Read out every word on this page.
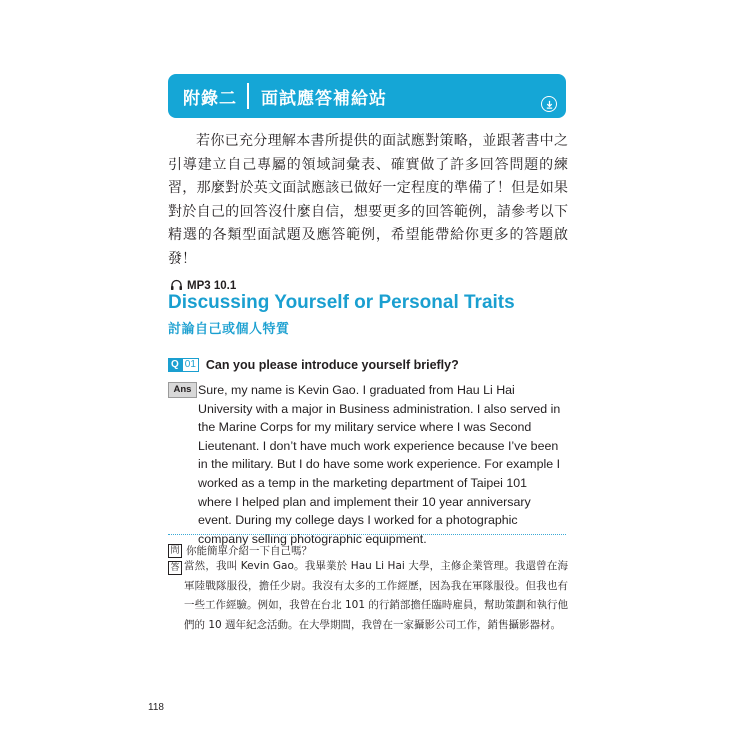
附錄二 面試應答補給站
若你已充分理解本書所提供的面試應對策略，並跟著書中之引導建立自己專屬的領域詞彙表、確實做了許多回答問題的練習，那麼對於英文面試應該已做好一定程度的準備了！但是如果對於自己的回答沒什麼自信，想要更多的回答範例，請參考以下精選的各類型面試題及應答範例，希望能帶給你更多的答題啟發！
MP3 10.1
Discussing Yourself or Personal Traits
討論自己或個人特質
Q 01 Can you please introduce yourself briefly?
Ans Sure, my name is Kevin Gao. I graduated from Hau Li Hai University with a major in Business administration. I also served in the Marine Corps for my military service where I was Second Lieutenant. I don’t have much work experience because I’ve been in the military. But I do have some work experience. For example I worked as a temp in the marketing department of Taipei 101 where I helped plan and implement their 10 year anniversary event. During my college days I worked for a photographic company selling photographic equipment.
問 你能簡單介紹一下自己嗎？
答 當然，我叫 Kevin Gao。我畢業於 Hau Li Hai 大學，主修企業管理。我還曾在海軍陸戰隊服役，擔任少尉。我沒有太多的工作經歷，因為我在軍隊服役。但我也有一些工作經驗。例如，我曾在台北 101 的行銷部擔任臨時雇員，幫助策劃和執行他們的 10 週年紀念活動。在大學期間，我曾在一家攝影公司工作，銷售攝影器材。
118
